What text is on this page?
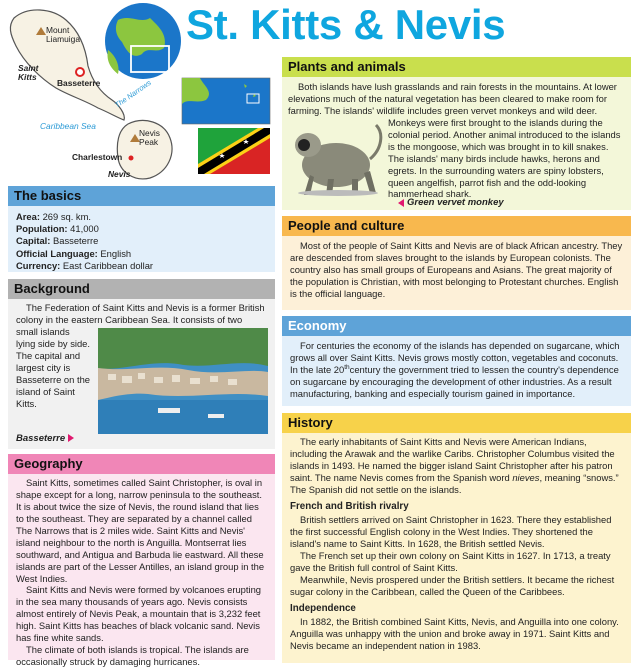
The Narrows
Mount
Liamuiga
Saint
Kitts
Basseterre
Caribbean Sea
Nevis
Peak
Charlestown
Nevis
St. Kitts & Nevis
Plants and animals

Both islands have lush grasslands and rain forests in the mountains. At lower elevations much of the natural vegetation has been cleared to make room for farming. The islands' wildlife includes green vervet monkeys and wild deer.

Monkeys were first brought to the islands during the colonial period. Another animal introduced to the islands is the mongoose, which was brought in to kill snakes. The islands' many birds include hawks, herons and egrets. In the surrounding waters are spiny lobsters, queen angelfish, parrot fish and the odd-looking hammerhead shark.

Green vervet monkey
The basics
Area: 269 sq. km.
Population: 41,000
Capital: Basseterre
Official Language: English
Currency: East Caribbean dollar
Background

The Federation of Saint Kitts and Nevis is a former British colony in the eastern Caribbean Sea. It consists of two

small islands
lying side by side.
The capital and
largest city is
Basseterre on the
island of Saint
Kitts.
Basseterre
Geography

Saint Kitts, sometimes called Saint Christopher, is oval in shape except for a long, narrow peninsula to the southeast. It is about twice the size of Nevis, the round island that lies to the southeast. They are separated by a channel called The Narrows that is 2 miles wide. Saint Kitts and Nevis' island neighbour to the north is Anguilla. Montserrat lies southward, and Antigua and Barbuda lie eastward. All these islands are part of the Lesser Antilles, an island group in the West Indies.

Saint Kitts and Nevis were formed by volcanoes erupting in the sea many thousands of years ago. Nevis consists almost entirely of Nevis Peak, a mountain that is 3,232 feet high. Saint Kitts has beaches of black volcanic sand. Nevis has fine white sands.

The climate of both islands is tropical. The islands are occasionally struck by damaging hurricanes.

People and culture

Most of the people of Saint Kitts and Nevis are of black African ancestry. They are descended from slaves brought to the islands by European colonists. The country also has small groups of Europeans and Asians. The great majority of the population is Christian, with most belonging to Protestant churches. English is the official language.

Economy

For centuries the economy of the islands has depended on sugarcane, which grows all over Saint Kitts. Nevis grows mostly cotton, vegetables and coconuts. In the late 20thcentury the government tried to lessen the country's dependence on sugarcane by encouraging the development of other industries. As a result manufacturing, banking and especially tourism gained in importance.

History

The early inhabitants of Saint Kitts and Nevis were American Indians, including the Arawak and the warlike Caribs. Christopher Columbus visited the islands in 1493. He named the bigger island Saint Christopher after his patron saint. The name Nevis comes from the Spanish word nieves, meaning “snows.” The Spanish did not settle on the islands.

French and British rivalry

British settlers arrived on Saint Christopher in 1623. There they established the first successful English colony in the West Indies. They shortened the island's name to Saint Kitts. In 1628, the British settled Nevis.

The French set up their own colony on Saint Kitts in 1627. In 1713, a treaty gave the British full control of Saint Kitts.

Meanwhile, Nevis prospered under the British settlers. It became the richest sugar colony in the Caribbean, called the Queen of the Caribbees.

Independence

In 1882, the British combined Saint Kitts, Nevis, and Anguilla into one colony. Anguilla was unhappy with the union and broke away in 1971. Saint Kitts and Nevis became an independent nation in 1983.
